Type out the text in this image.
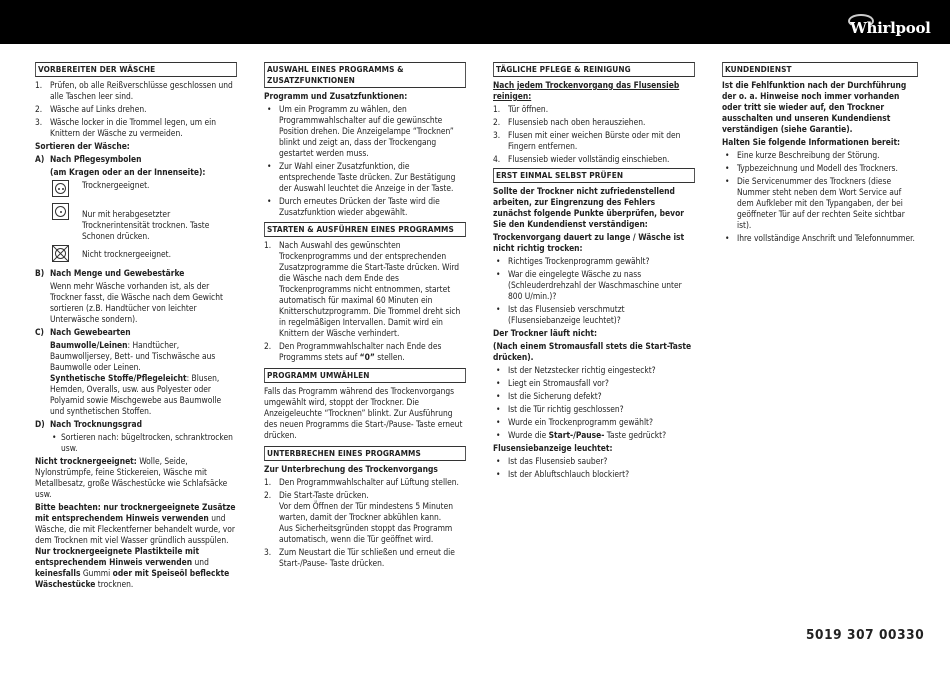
Whirlpool
VORBEREITEN DER WÄSCHE
1. Prüfen, ob alle Reißverschlüsse geschlossen und alle Taschen leer sind.
2. Wäsche auf Links drehen.
3. Wäsche locker in die Trommel legen, um ein Knittern der Wäsche zu vermeiden.
Sortieren der Wäsche:
A) Nach Pflegesymbolen
(am Kragen oder an der Innenseite):
Trocknergeeignet.
Nur mit herabgesetzter Trocknerintensität trocknen. Taste Schonen drücken.
Nicht trocknergeeignet.
B) Nach Menge und Gewebestärke
Wenn mehr Wäsche vorhanden ist, als der Trockner fasst, die Wäsche nach dem Gewicht sortieren (z.B. Handtücher von leichter Unterwäsche sondern).
C) Nach Gewebearten
Baumwolle/Leinen: Handtücher, Baumwolljersey, Bett- und Tischwäsche aus Baumwolle oder Leinen.
Synthetische Stoffe/Pflegeleicht: Blusen, Hemden, Overalls, usw. aus Polyester oder Polyamid sowie Mischgewebe aus Baumwolle und synthetischen Stoffen.
D) Nach Trocknungsgrad
• Sortieren nach: bügeltrocken, schranktrocken usw.
Nicht trocknergeeignet: Wolle, Seide, Nylonstrümpfe, feine Stickereien, Wäsche mit Metallbesatz, große Wäschestücke wie Schlafsäcke usw.
Bitte beachten: nur trocknergeeignete Zusätze mit entsprechendem Hinweis verwenden und Wäsche, die mit Fleckentferner behandelt wurde, vor dem Trocknen mit viel Wasser gründlich ausspülen. Nur trocknergeeignete Plastikteile mit entsprechendem Hinweis verwenden und keinesfalls Gummi oder mit Speiseöl befleckte Wäschestücke trocknen.
AUSWAHL EINES PROGRAMMS & ZUSATZFUNKTIONEN
Programm und Zusatzfunktionen:
• Um ein Programm zu wählen, den Programmwahlschalter auf die gewünschte Position drehen. Die Anzeigelampe “Trocknen” blinkt und zeigt an, dass der Trockengang gestartet werden muss.
• Zur Wahl einer Zusatzfunktion, die entsprechende Taste drücken. Zur Bestätigung der Auswahl leuchtet die Anzeige in der Taste.
• Durch erneutes Drücken der Taste wird die Zusatzfunktion wieder abgewählt.
STARTEN & AUSFÜHREN EINES PROGRAMMS
1. Nach Auswahl des gewünschten Trockenprogramms und der entsprechenden Zusatzprogramme die Start-Taste drücken. Wird die Wäsche nach dem Ende des Trockenprogramms nicht entnommen, startet automatisch für maximal 60 Minuten ein Knitterschutzprogramm. Die Trommel dreht sich in regelmäßigen Intervallen. Damit wird ein Knittern der Wäsche verhindert.
2. Den Programmwahlschalter nach Ende des Programms stets auf “0” stellen.
PROGRAMM UMWÄHLEN
Falls das Programm während des Trockenvorgangs umgewählt wird, stoppt der Trockner. Die Anzeigeleuchte “Trocknen” blinkt. Zur Ausführung des neuen Programms die Start-/Pause- Taste erneut drücken.
UNTERBRECHEN EINES PROGRAMMS
Zur Unterbrechung des Trockenvorgangs
1. Den Programmwahlschalter auf Lüftung stellen.
2. Die Start-Taste drücken.
Vor dem Öffnen der Tür mindestens 5 Minuten warten, damit der Trockner abkühlen kann.
Aus Sicherheitsgründen stoppt das Programm automatisch, wenn die Tür geöffnet wird.
3. Zum Neustart die Tür schließen und erneut die Start-/Pause- Taste drücken.
TÄGLICHE PFLEGE & REINIGUNG
Nach jedem Trockenvorgang das Flusensieb reinigen:
1. Tür öffnen.
2. Flusensieb nach oben herausziehen.
3. Flusen mit einer weichen Bürste oder mit den Fingern entfernen.
4. Flusensieb wieder vollständig einschieben.
ERST EINMAL SELBST PRÜFEN
Sollte der Trockner nicht zufriedenstellend arbeiten, zur Eingrenzung des Fehlers zunächst folgende Punkte überprüfen, bevor Sie den Kundendienst verständigen:
Trockenvorgang dauert zu lange / Wäsche ist nicht richtig trocken:
• Richtiges Trockenprogramm gewählt?
• War die eingelegte Wäsche zu nass (Schleuderdrehzahl der Waschmaschine unter 800 U/min.)?
• Ist das Flusensieb verschmutzt (Flusensiebanzeige leuchtet)?
Der Trockner läuft nicht:
(Nach einem Stromausfall stets die Start-Taste drücken).
• Ist der Netzstecker richtig eingesteckt?
• Liegt ein Stromausfall vor?
• Ist die Sicherung defekt?
• Ist die Tür richtig geschlossen?
• Wurde ein Trockenprogramm gewählt?
• Wurde die Start-/Pause- Taste gedrückt?
Flusensiebanzeige leuchtet:
• Ist das Flusensieb sauber?
• Ist der Abluftschlauch blockiert?
KUNDENDIENST
Ist die Fehlfunktion nach der Durchführung der o. a. Hinweise noch immer vorhanden oder tritt sie wieder auf, den Trockner ausschalten und unseren Kundendienst verständigen (siehe Garantie).
Halten Sie folgende Informationen bereit:
• Eine kurze Beschreibung der Störung.
• Typbezeichnung und Modell des Trockners.
• Die Servicenummer des Trockners (diese Nummer steht neben dem Wort Service auf dem Aufkleber mit den Typangaben, der bei geöffneter Tür auf der rechten Seite sichtbar ist).
• Ihre vollständige Anschrift und Telefonnummer.
5019 307 00330
